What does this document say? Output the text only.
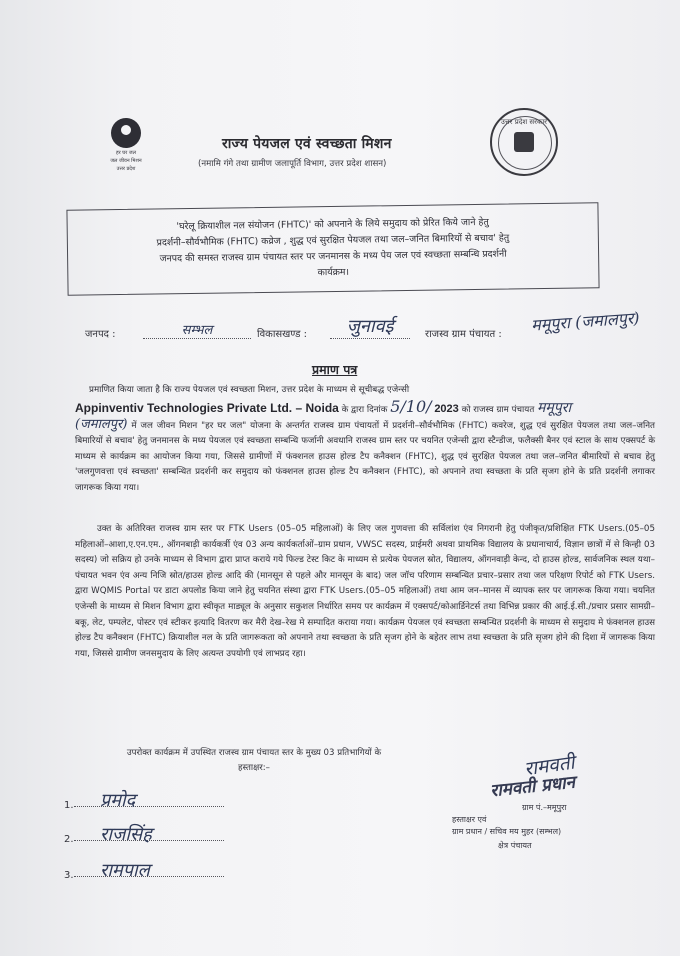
हर घर जल
जल जीवन मिशन
उत्तर प्रदेश
राज्य पेयजल एवं स्वच्छता मिशन
(नमामि गंगे तथा ग्रामीण जलापूर्ति विभाग, उत्तर प्रदेश शासन)
उत्तर प्रदेश सरकार

'घरेलू क्रियाशील नल संयोजन (FHTC)' को अपनाने के लिये समुदाय को प्रेरित किये जाने हेतु

प्रदर्शनी–सौर्वभौमिक (FHTC) कव्रेज , शुद्ध एवं सुरक्षित पेयजल तथा जल–जनित बिमारियों से बचाव' हेतु

जनपद की समस्त राजस्व ग्राम पंचायत स्तर पर जनमानस के मध्य पेय जल एवं स्वच्छता सम्बन्धि प्रदर्शनी

कार्यक्रम।

जनपद :	सम्भल	विकासखण्ड :	जुनावई	राजस्व ग्राम पंचायत : ममूपुरा (जमालपुर)
प्रमाण पत्र

प्रमाणित किया जाता है कि राज्य पेयजल एवं स्वच्छता मिशन, उत्तर प्रदेश के माध्यम से सूचीबद्ध एजेन्सी

Appinventiv Technologies Private Ltd. – Noida के द्वारा दिनांक 5/10/ 2023 को राजस्व ग्राम पंचायत ममूपुरा

(जमालपुर) में जल जीवन मिशन "हर घर जल" योजना के अन्तर्गत राजस्व ग्राम पंचायतों में प्रदर्शनी–सौर्वभौमिक (FHTC) कवरेज, शुद्ध एवं सुरक्षित पेयजल तथा जल–जनित बिमारियों से बचाव' हेतु जनमानस के मध्य पेयजल एवं स्वच्छता सम्बन्धि फर्जानी अवधानि राजस्व ग्राम स्तर पर चयनित एजेन्सी द्वारा स्टैन्डीज, फलैक्सी बैनर एवं स्टाल के साथ एक्सपर्ट के माध्यम से कार्यक्रम का आयोजन किया गया, जिससे ग्रामीणों में फंक्शनल हाउस होल्ड टैप कनैक्शन (FHTC), शुद्ध एवं सुरक्षित पेयजल तथा जल–जनित बीमारियों से बचाव हेतु 'जलगुणवत्ता एवं स्वच्छता' सम्बन्धित प्रदर्शनी कर समुदाय को फंक्शनल हाउस होल्ड टैप कनैक्शन (FHTC), को अपनाने तथा स्वच्छता के प्रति सृजग होने के प्रति प्रदर्शनी लगाकर जागरूक किया गया।

उक्त के अतिरिक्त राजस्व ग्राम स्तर पर FTK Users (05–05 महिलाओं) के लिए जल गुणवत्ता की सर्विलांश एंव निगरानी हेतु पंजीकृत/प्रशिक्षित FTK Users.(05–05 महिलाओं–आशा,ए.एन.एम., ऑगनबाड़ी कार्यकर्त्री एंव 03 अन्य कार्यकर्ताओं–ग्राम प्रधान, VWSC सदस्य, प्राईमरी अथवा प्राथमिक विद्यालय के प्रधानाचार्य, विज्ञान छात्रों में से किन्ही 03 सदस्य) जो सक्रिय हो उनके माध्यम से विभाग द्वारा प्राप्त कराये गये फिल्ड टेस्ट किट के माध्यम से प्रत्येक पेयजल स्रोत, विद्यालय, ऑगनवाड़ी केन्द, दो हाउस होल्ड, सार्वजनिक स्थल यथा–पंचायत भवन एंव अन्य निजि स्रोत/हाउस होल्ड आदि की (मानसून से पहले और मानसून के बाद) जल जॉच परिणाम सम्बन्धित प्रचार–प्रसार तथा जल परिक्षण रिपोर्ट को FTK Users. द्वारा WQMIS Portal पर डाटा अपलोड किया जाने हेतु चयनित संस्था द्वारा FTK Users.(05–05 महिलाओं) तथा आम जन–मानस में व्यापक स्तर पर जागरूक किया गया। चयनित एजेन्सी के माध्यम से मिशन विभाग द्वारा स्वीकृत माड्यूल के अनुसार सकुशल निर्धारित समय पर कार्यक्रम में एक्सपर्ट/कोआर्डिनेटर्स तथा विभिन्न प्रकार की आई.ई.सी./प्रचार प्रसार सामग्री–बकू, लेट, पम्पलेट, पोस्टर एवं स्टीकर इत्यादि वितरण कर मैरी देख–रेख मे सम्पादित कराया गया। कार्यक्रम पेयजल एवं स्वच्छता सम्बन्धित प्रदर्शनी के माध्यम से समुदाय मे फंक्शनल हाउस होल्ड टैप कनैक्शन (FHTC) क्रियाशील नल के प्रति जागरूकता को अपनाने तथा स्वच्छता के प्रति सृजग होने के बहेतर लाभ तथा स्वच्छता के प्रति सृजग होने की दिशा में जागरूक किया गया, जिससे ग्रामीण जनसमुदाय के लिए अत्यन्त उपयोगी एवं लाभप्रद रहा।
उपरोक्त कार्यक्रम में उपस्थित राजस्व ग्राम पंचायत स्तर के मुख्य 03 प्रतिभागियों के
हस्ताक्षर:–
1. प्रमोद
2. राजसिंह
3. रामपाल
रामवती
रामवती प्रधान
ग्राम पं.–ममूपुरा
हस्ताक्षर एवं
ग्राम प्रधान / सचिव मय मुहर (सम्भल)
क्षेत्र पंचायत
